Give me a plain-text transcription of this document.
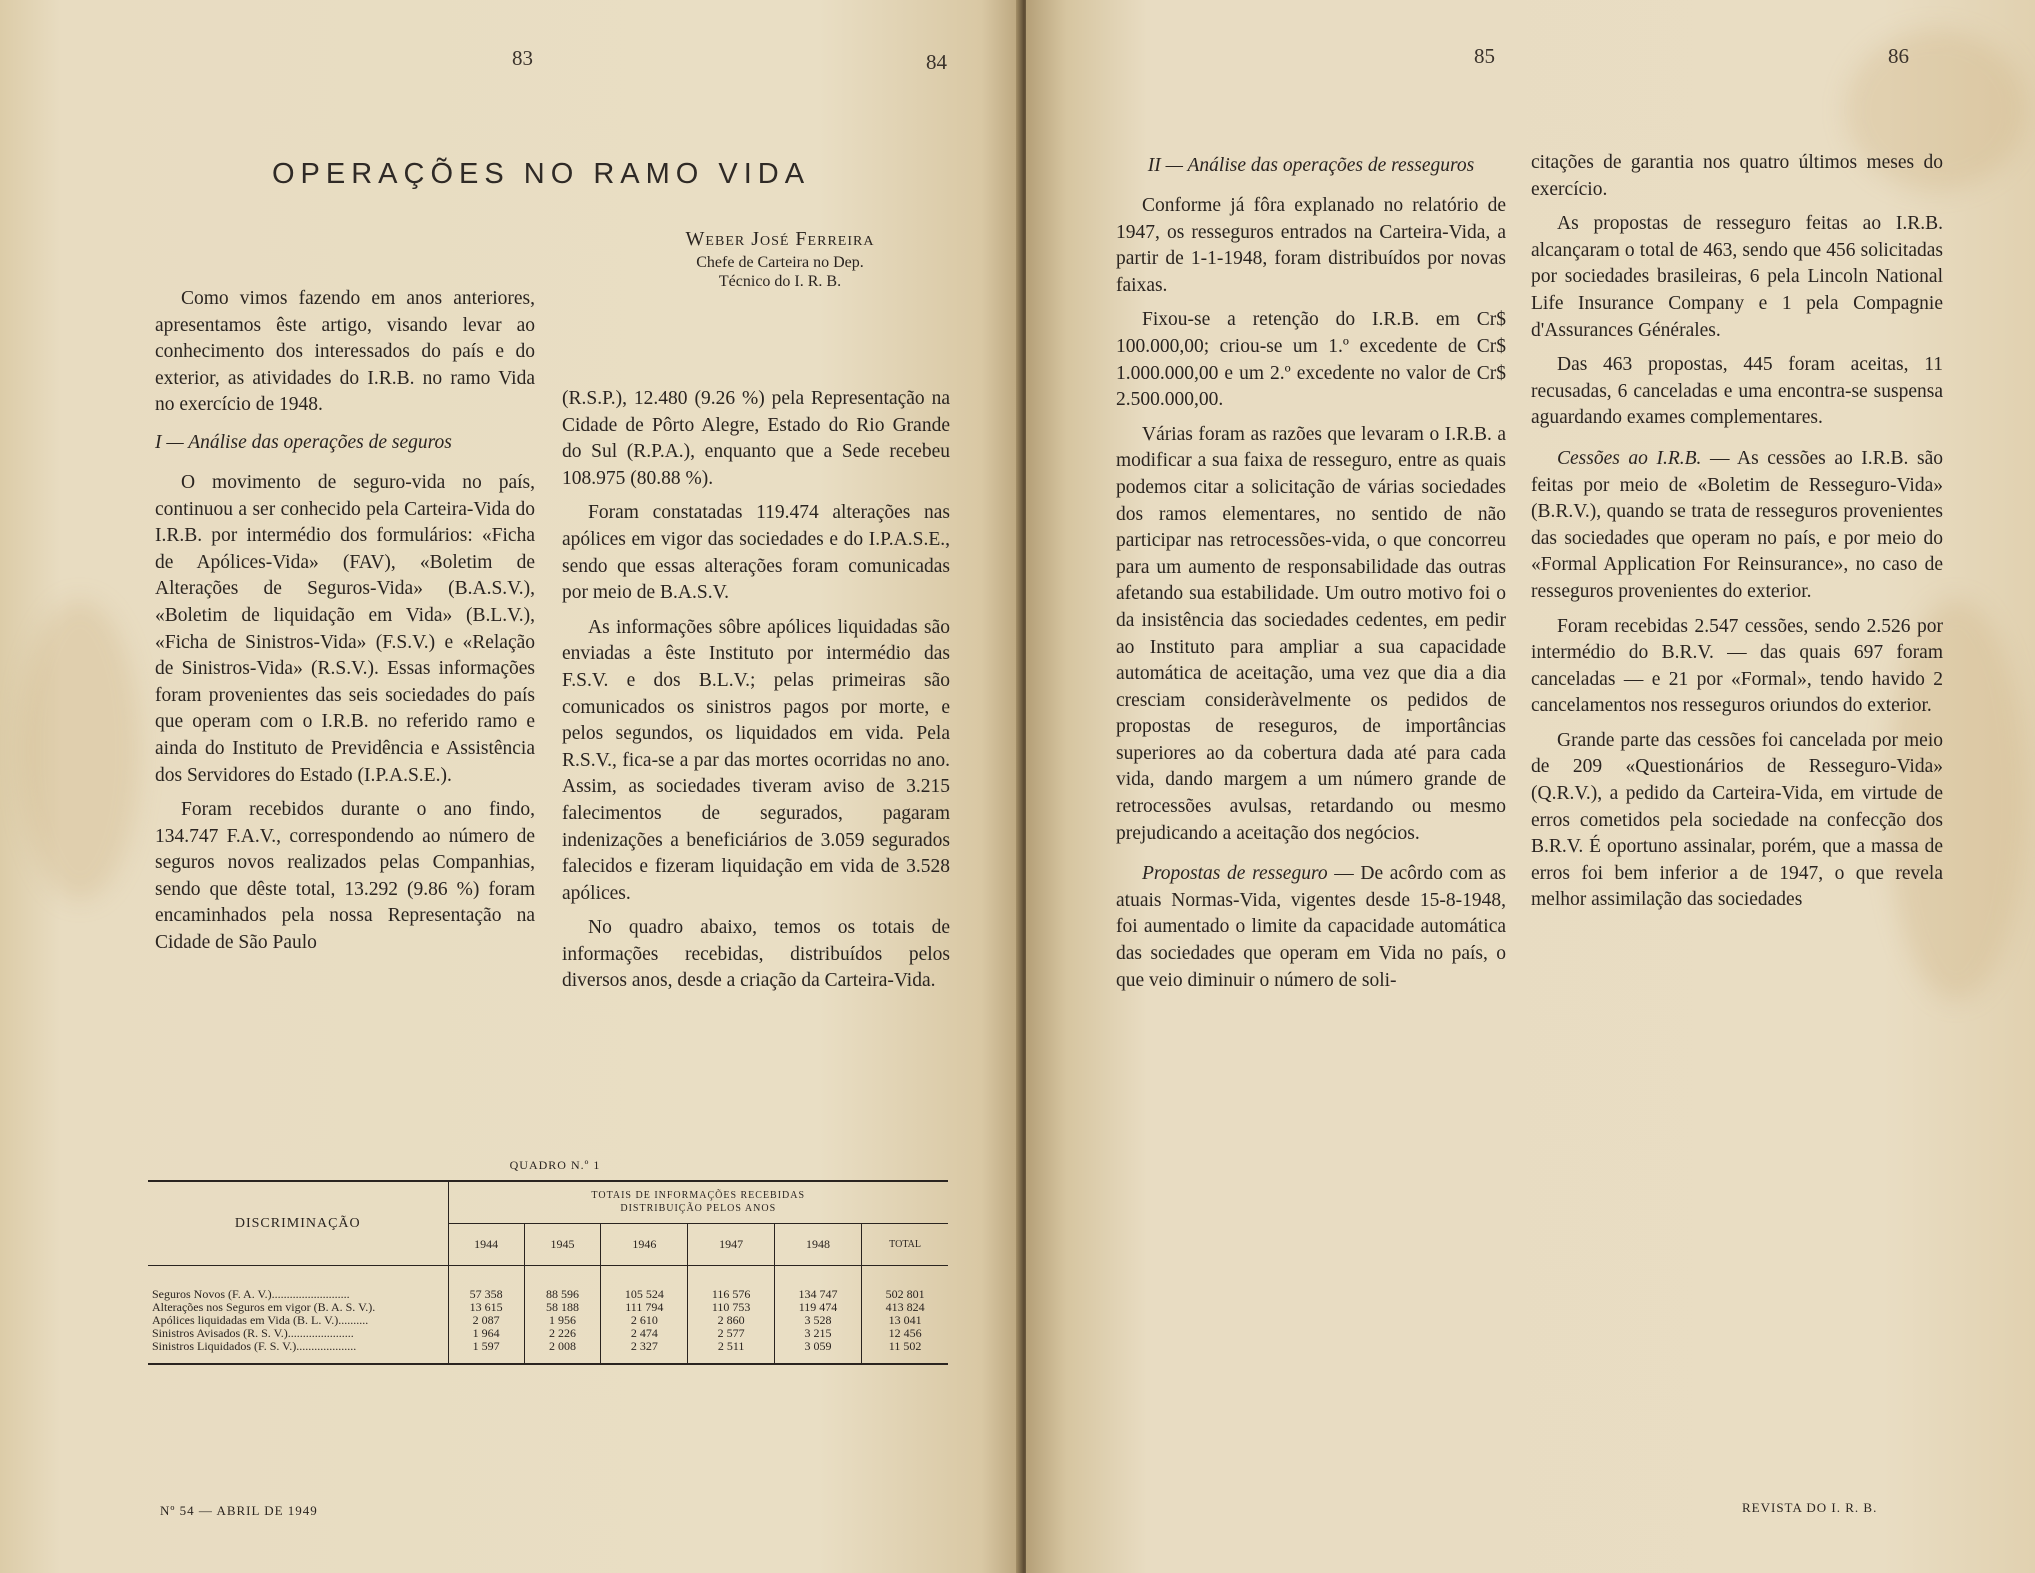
83	84
OPERAÇÕES NO RAMO VIDA
Weber José Ferreira
Chefe de Carteira no Dep.
Técnico do I. R. B.

Como vimos fazendo em anos anteriores, apresentamos êste artigo, visando levar ao conhecimento dos interessados do país e do exterior, as atividades do I.R.B. no ramo Vida no exercício de 1948.

I — Análise das operações de seguros

O movimento de seguro-vida no país, continuou a ser conhecido pela Carteira-Vida do I.R.B. por intermédio dos formulários: «Ficha de Apólices-Vida» (FAV), «Boletim de Alterações de Seguros-Vida» (B.A.S.V.), «Boletim de liquidação em Vida» (B.L.V.), «Ficha de Sinistros-Vida» (F.S.V.) e «Relação de Sinistros-Vida» (R.S.V.). Essas informações foram provenientes das seis sociedades do país que operam com o I.R.B. no referido ramo e ainda do Instituto de Previdência e Assistência dos Servidores do Estado (I.P.A.S.E.).

Foram recebidos durante o ano findo, 134.747 F.A.V., correspondendo ao número de seguros novos realizados pelas Companhias, sendo que dêste total, 13.292 (9.86 %) foram encaminhados pela nossa Representação na Cidade de São Paulo

(R.S.P.), 12.480 (9.26 %) pela Representação na Cidade de Pôrto Alegre, Estado do Rio Grande do Sul (R.P.A.), enquanto que a Sede recebeu 108.975 (80.88 %).

Foram constatadas 119.474 alterações nas apólices em vigor das sociedades e do I.P.A.S.E., sendo que essas alterações foram comunicadas por meio de B.A.S.V.

As informações sôbre apólices liquidadas são enviadas a êste Instituto por intermédio das F.S.V. e dos B.L.V.; pelas primeiras são comunicados os sinistros pagos por morte, e pelos segundos, os liquidados em vida. Pela R.S.V., fica-se a par das mortes ocorridas no ano. Assim, as sociedades tiveram aviso de 3.215 falecimentos de segurados, pagaram indenizações a beneficiários de 3.059 segurados falecidos e fizeram liquidação em vida de 3.528 apólices.

No quadro abaixo, temos os totais de informações recebidas, distribuídos pelos diversos anos, desde a criação da Carteira-Vida.

QUADRO N.º 1
DISCRIMINAÇÃO	TOTAIS DE INFORMAÇÕES RECEBIDAS
DISTRIBUIÇÃO PELOS ANOS					

	1944	1945	1946	1947	1948	TOTAL
Seguros Novos (F. A. V.)..........................	57 358	88 596	105 524	116 576	134 747	502 801
Alterações nos Seguros em vigor (B. A. S. V.).	13 615	58 188	111 794	110 753	119 474	413 824
Apólices liquidadas em Vida (B. L. V.)..........	2 087	1 956	2 610	2 860	3 528	13 041
Sinistros Avisados (R. S. V.)......................	1 964	2 226	2 474	2 577	3 215	12 456
Sinistros Liquidados (F. S. V.)....................	1 597	2 008	2 327	2 511	3 059	11 502
Nº 54 — ABRIL DE 1949
85	86
II — Análise das operações de resseguros

Conforme já fôra explanado no relatório de 1947, os resseguros entrados na Carteira-Vida, a partir de 1-1-1948, foram distribuídos por novas faixas.

Fixou-se a retenção do I.R.B. em Cr$ 100.000,00; criou-se um 1.º excedente de Cr$ 1.000.000,00 e um 2.º excedente no valor de Cr$ 2.500.000,00.

Várias foram as razões que levaram o I.R.B. a modificar a sua faixa de resseguro, entre as quais podemos citar a solicitação de várias sociedades dos ramos elementares, no sentido de não participar nas retrocessões-vida, o que concorreu para um aumento de responsabilidade das outras afetando sua estabilidade. Um outro motivo foi o da insistência das sociedades cedentes, em pedir ao Instituto para ampliar a sua capacidade automática de aceitação, uma vez que dia a dia cresciam consideràvelmente os pedidos de propostas de reseguros, de importâncias superiores ao da cobertura dada até para cada vida, dando margem a um número grande de retrocessões avulsas, retardando ou mesmo prejudicando a aceitação dos negócios.

Propostas de resseguro — De acôrdo com as atuais Normas-Vida, vigentes desde 15-8-1948, foi aumentado o limite da capacidade automática das sociedades que operam em Vida no país, o que veio diminuir o número de soli-

citações de garantia nos quatro últimos meses do exercício.

As propostas de resseguro feitas ao I.R.B. alcançaram o total de 463, sendo que 456 solicitadas por sociedades brasileiras, 6 pela Lincoln National Life Insurance Company e 1 pela Compagnie d'Assurances Générales.

Das 463 propostas, 445 foram aceitas, 11 recusadas, 6 canceladas e uma encontra-se suspensa aguardando exames complementares.

Cessões ao I.R.B. — As cessões ao I.R.B. são feitas por meio de «Boletim de Resseguro-Vida» (B.R.V.), quando se trata de resseguros provenientes das sociedades que operam no país, e por meio do «Formal Application For Reinsurance», no caso de resseguros provenientes do exterior.

Foram recebidas 2.547 cessões, sendo 2.526 por intermédio do B.R.V. — das quais 697 foram canceladas — e 21 por «Formal», tendo havido 2 cancelamentos nos resseguros oriundos do exterior.

Grande parte das cessões foi cancelada por meio de 209 «Questionários de Resseguro-Vida» (Q.R.V.), a pedido da Carteira-Vida, em virtude de erros cometidos pela sociedade na confecção dos B.R.V. É oportuno assinalar, porém, que a massa de erros foi bem inferior a de 1947, o que revela melhor assimilação das sociedades

REVISTA DO I. R. B.
